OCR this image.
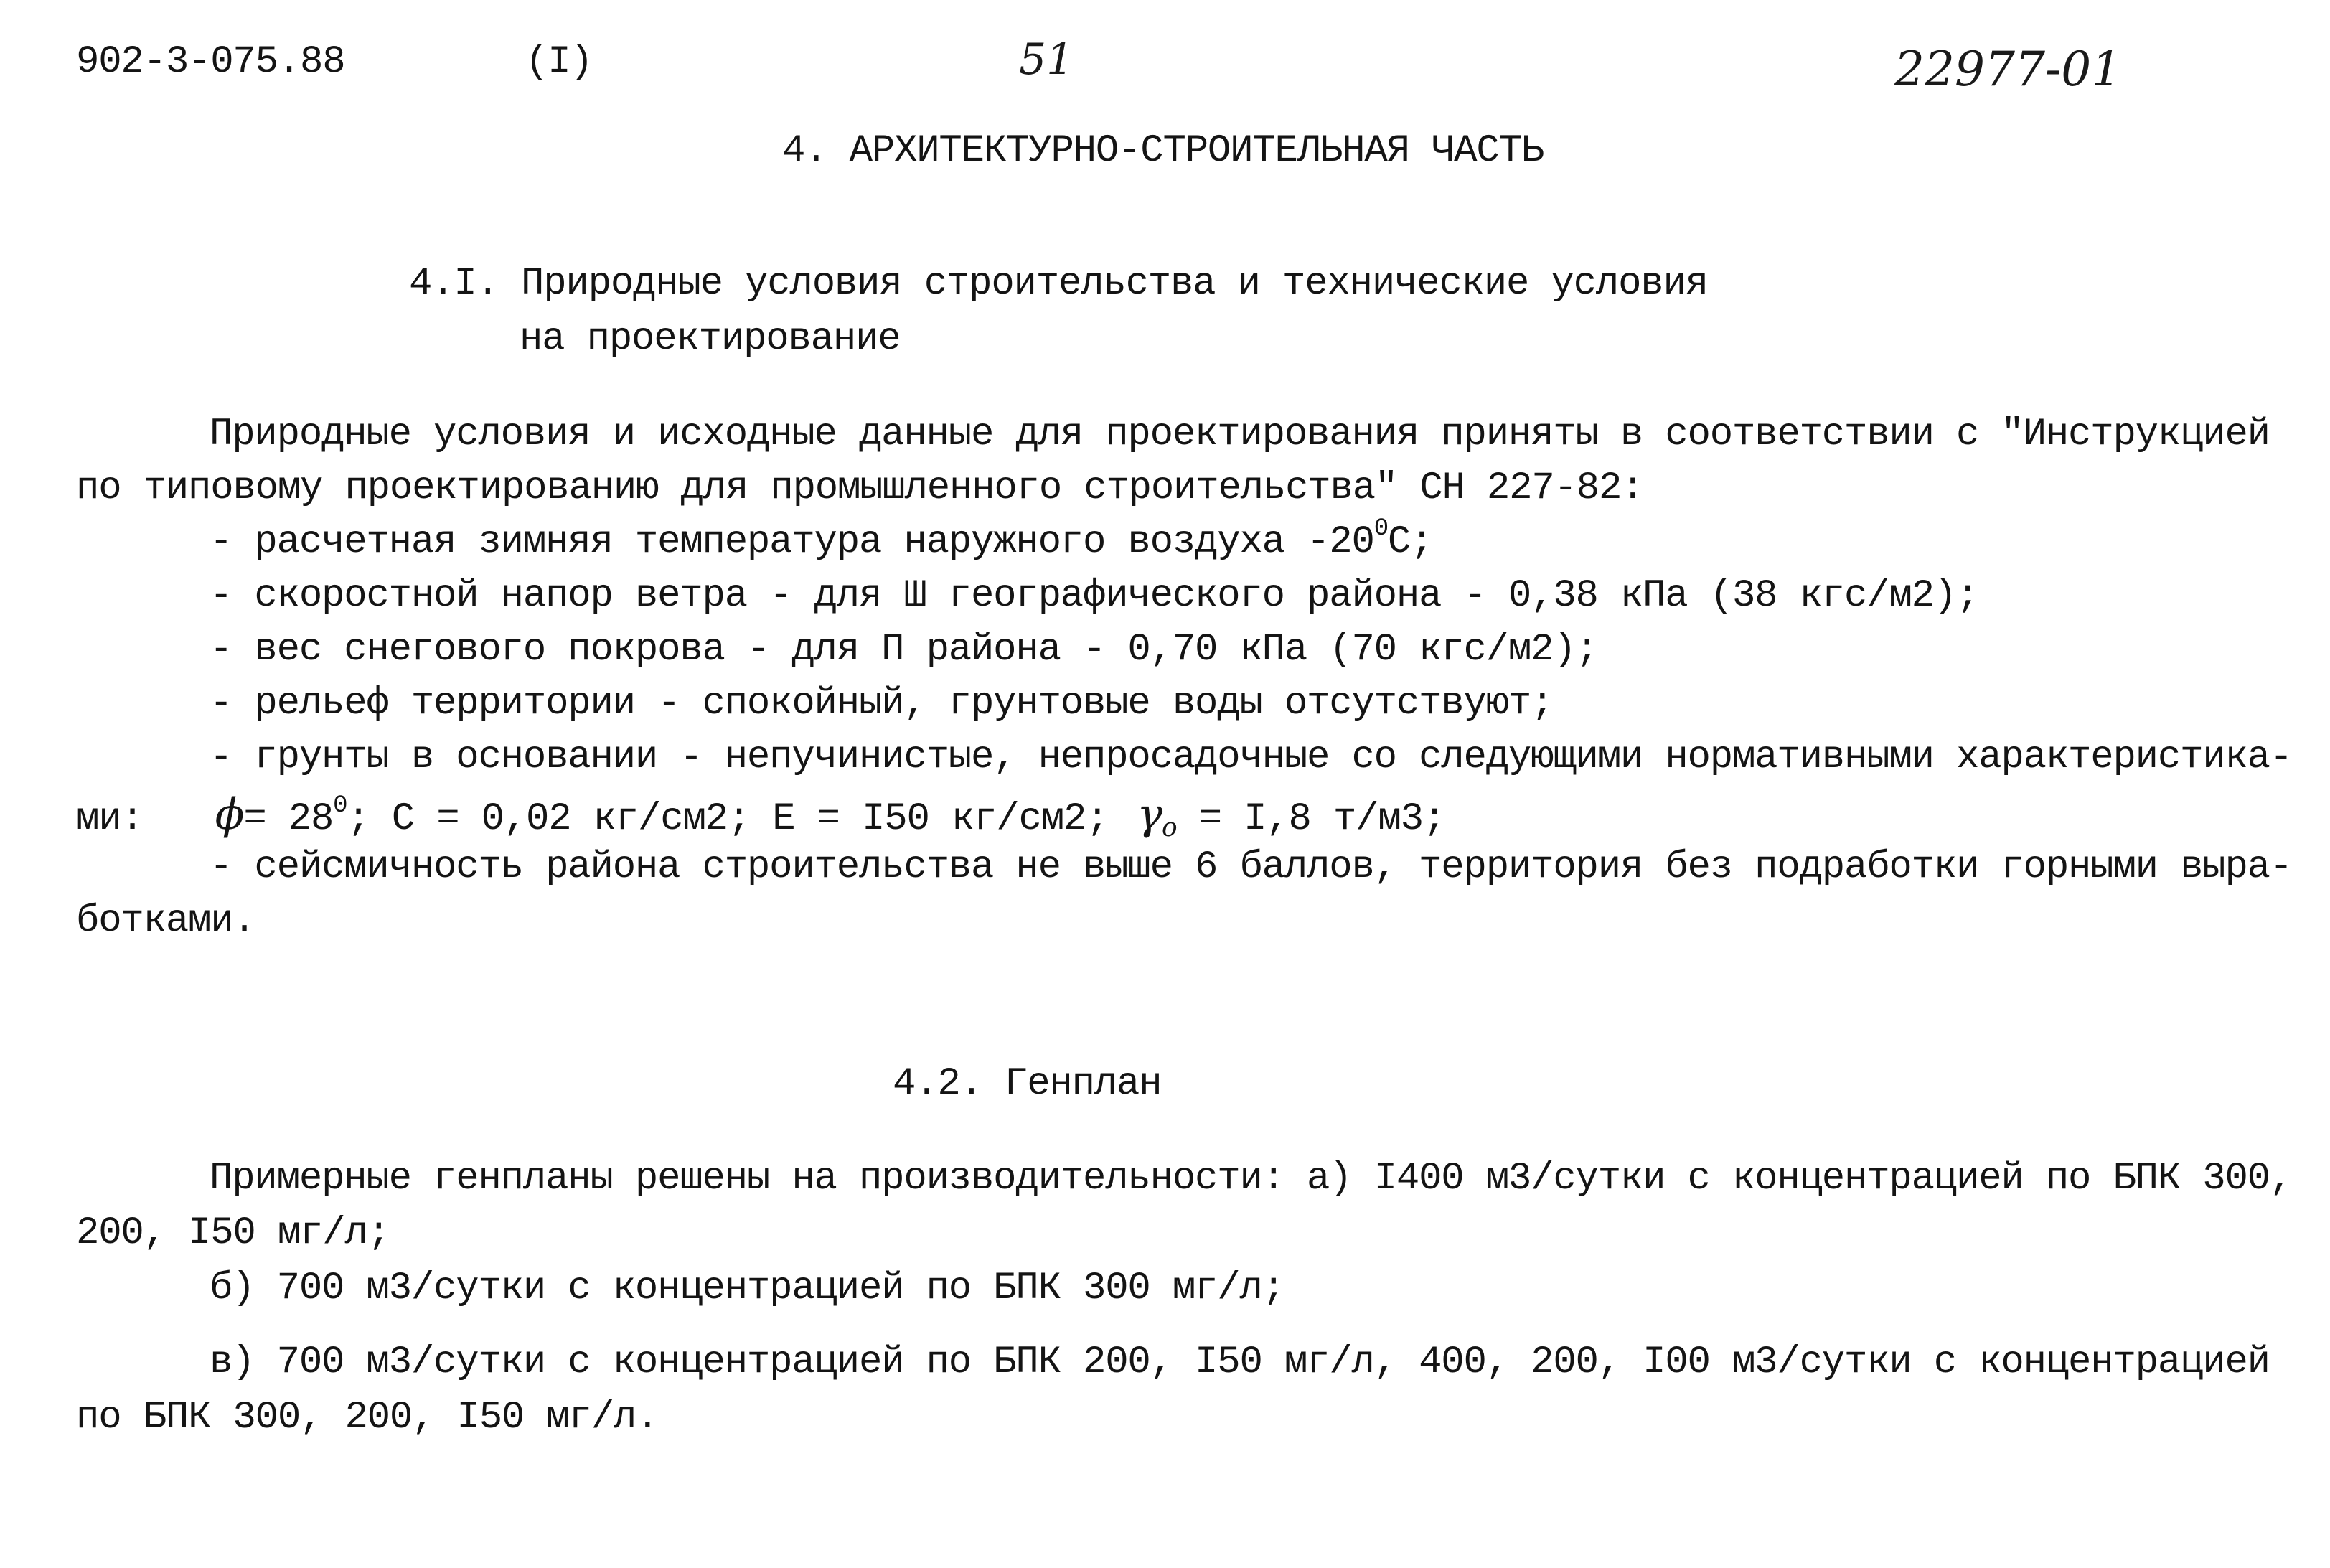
902-3-075.88	(I)	51	22977-01
4. АРХИТЕКТУРНО-СТРОИТЕЛЬНАЯ ЧАСТЬ
4.I. Природные условия строительства и технические условия
на проектирование
Природные условия и исходные данные для проектирования приняты в соответствии с "Инструкцией
по типовому проектированию для промышленного строительства" СН 227-82:
- расчетная зимняя температура наружного воздуха $-20^0С$;
- скоростной напор ветра - для Ш географического района - 0,38 кПа (38 кгс/м2);
- вес снегового покрова - для П района - 0,70 кПа (70 кгс/м2);
- рельеф территории - спокойный, грунтовые воды отсутствуют;
- грунты в основании - непучинистые, непросадочные со следующими нормативными характеристика-
ми: $\phi= 28^0$; С = 0,02 кг/см2; Е = I50 кг/см2; $\gamma_o = I,8$ т/м3;
- сейсмичность района строительства не выше 6 баллов, территория без подработки горными выра-
ботками.
4.2. Генплан
Примерные генпланы решены на производительности: а) I400 м3/сутки с концентрацией по БПК 300,
200, I50 мг/л;
б) 700 м3/сутки с концентрацией по БПК 300 мг/л;
в) 700 м3/сутки с концентрацией по БПК 200, I50 мг/л, 400, 200, I00 м3/сутки с концентрацией
по БПК 300, 200, I50 мг/л.
